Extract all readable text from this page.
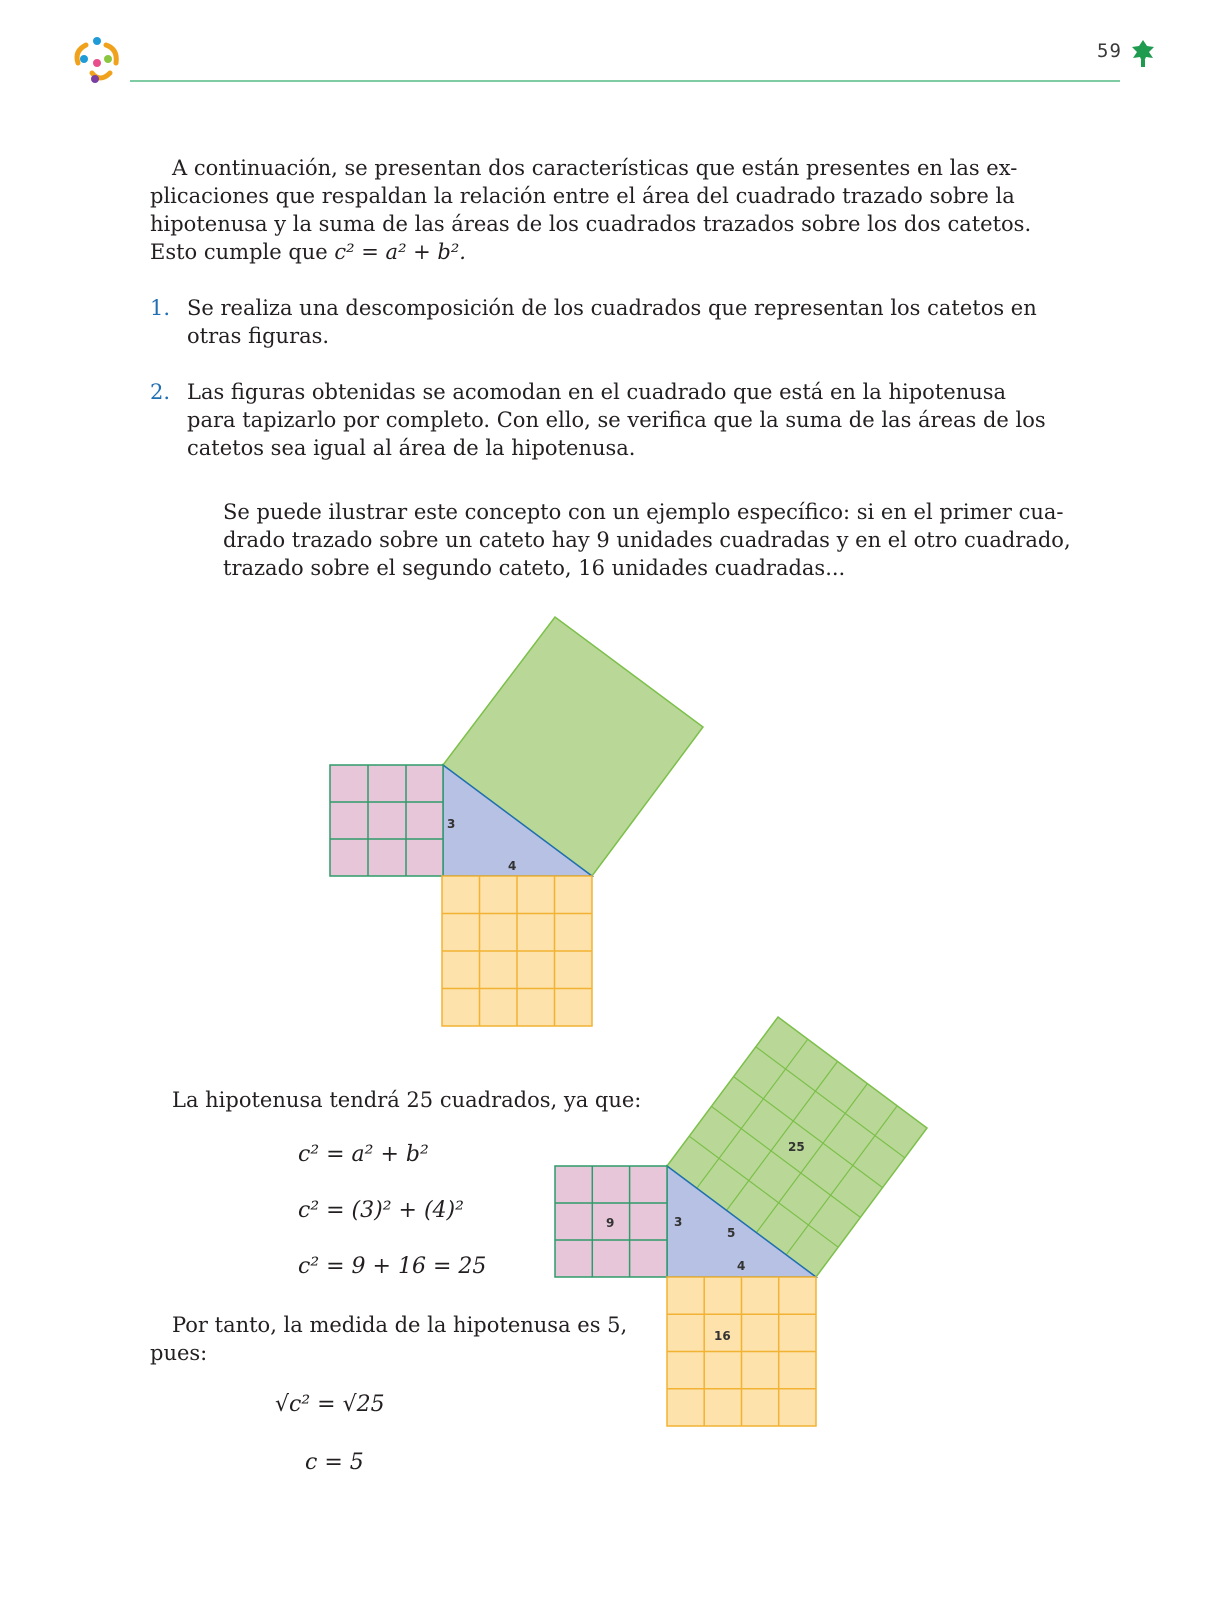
59
A continuación, se presentan dos características que están presentes en las ex-
plicaciones que respaldan la relación entre el área del cuadrado trazado sobre la
hipotenusa y la suma de las áreas de los cuadrados trazados sobre los dos catetos.
Esto cumple que c² = a² + b².
1. Se realiza una descomposición de los cuadrados que representan los catetos en
otras figuras.
2. Las figuras obtenidas se acomodan en el cuadrado que está en la hipotenusa
para tapizarlo por completo. Con ello, se verifica que la suma de las áreas de los
catetos sea igual al área de la hipotenusa.
Se puede ilustrar este concepto con un ejemplo específico: si en el primer cua-
drado trazado sobre un cateto hay 9 unidades cuadradas y en el otro cuadrado,
trazado sobre el segundo cateto, 16 unidades cuadradas...
3
4
25
9	3
5
4
16
La hipotenusa tendrá 25 cuadrados, ya que:
c² = a² + b²
c² = (3)² + (4)²
c² = 9 + 16 = 25
Por tanto, la medida de la hipotenusa es 5,
pues:
√c² = √25
c = 5
